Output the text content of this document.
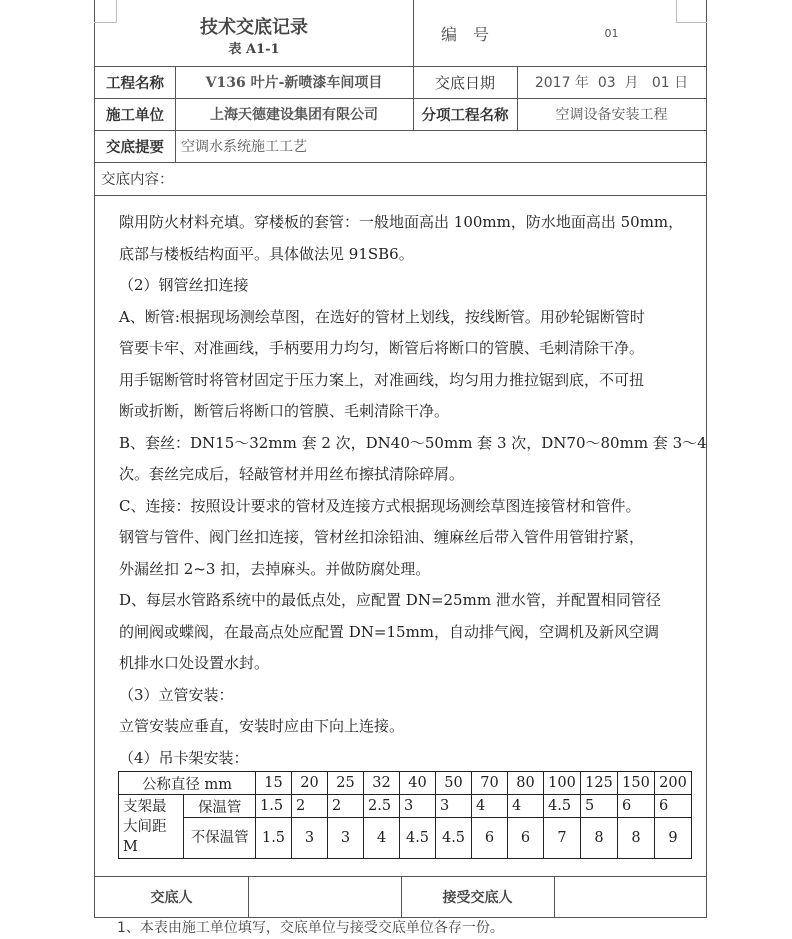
技术交底记录
表 A1-1
编　号	01
工程名称	V136 叶片-新喷漆车间项目	交底日期	2017 年  03  月   01 日
施工单位	上海天德建设集团有限公司	分项工程名称	空调设备安装工程
交底提要	空调水系统施工工艺
交底内容：

隙用防火材料充填。穿楼板的套管：一般地面高出 100mm，防水地面高出 50mm，

底部与楼板结构面平。具体做法见 91SB6。

（2）钢管丝扣连接

A、断管:根据现场测绘草图，在选好的管材上划线，按线断管。用砂轮锯断管时

管要卡牢、对准画线，手柄要用力均匀，断管后将断口的管膜、毛刺清除干净。

用手锯断管时将管材固定于压力案上，对准画线，均匀用力推拉锯到底，不可扭

断或折断，断管后将断口的管膜、毛刺清除干净。

B、套丝：DN15～32mm 套 2 次，DN40～50mm 套 3 次，DN70～80mm 套 3～4

次。套丝完成后，轻敲管材并用丝布擦拭清除碎屑。

C、连接：按照设计要求的管材及连接方式根据现场测绘草图连接管材和管件。

钢管与管件、阀门丝扣连接，管材丝扣涂铅油、缠麻丝后带入管件用管钳拧紧，

外漏丝扣 2~3 扣，去掉麻头。并做防腐处理。

D、每层水管路系统中的最低点处，应配置 DN=25mm 泄水管，并配置相同管径

的闸阀或蝶阀，在最高点处应配置 DN=15mm，自动排气阀，空调机及新风空调

机排水口处设置水封。

（3）立管安装：

立管安装应垂直，安装时应由下向上连接。

（4）吊卡架安装：

公称直径 mm		15	20	25	32	40	50	70	80	100	125	150	200
支架最大间距 M	保温管	1.5	2	2	2.5	3	3	4	4	4.5	5	6	6
	不保温管	1.5	3	3	4	4.5	4.5	6	6	7	8	8	9
交底人	接受交底人
1、本表由施工单位填写，交底单位与接受交底单位各存一份。
